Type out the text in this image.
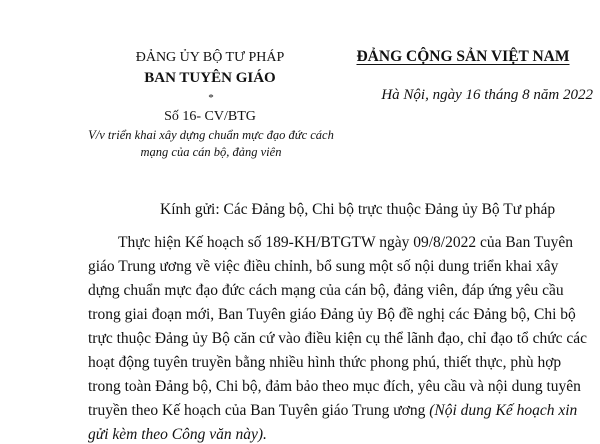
ĐẢNG ỦY BỘ TƯ PHÁP
BAN TUYÊN GIÁO
*
Số 16- CV/BTG
V/v triển khai xây dựng chuẩn mực đạo đức cách
mạng của cán bộ, đảng viên
ĐẢNG CỘNG SẢN VIỆT NAM
Hà Nội, ngày 16 tháng 8 năm 2022
Kính gửi: Các Đảng bộ, Chi bộ trực thuộc Đảng ủy Bộ Tư pháp
Thực hiện Kế hoạch số 189-KH/BTGTW ngày 09/8/2022 của Ban Tuyên
giáo Trung ương về việc điều chỉnh, bổ sung một số nội dung triển khai xây
dựng chuẩn mực đạo đức cách mạng của cán bộ, đảng viên, đáp ứng yêu cầu
trong giai đoạn mới, Ban Tuyên giáo Đảng ủy Bộ đề nghị các Đảng bộ, Chi bộ
trực thuộc Đảng ủy Bộ căn cứ vào điều kiện cụ thể lãnh đạo, chỉ đạo tổ chức các
hoạt động tuyên truyền bằng nhiều hình thức phong phú, thiết thực, phù hợp
trong toàn Đảng bộ, Chi bộ, đảm bảo theo mục đích, yêu cầu và nội dung tuyên
truyền theo Kế hoạch của Ban Tuyên giáo Trung ương (Nội dung Kế hoạch xin
gửi kèm theo Công văn này).
